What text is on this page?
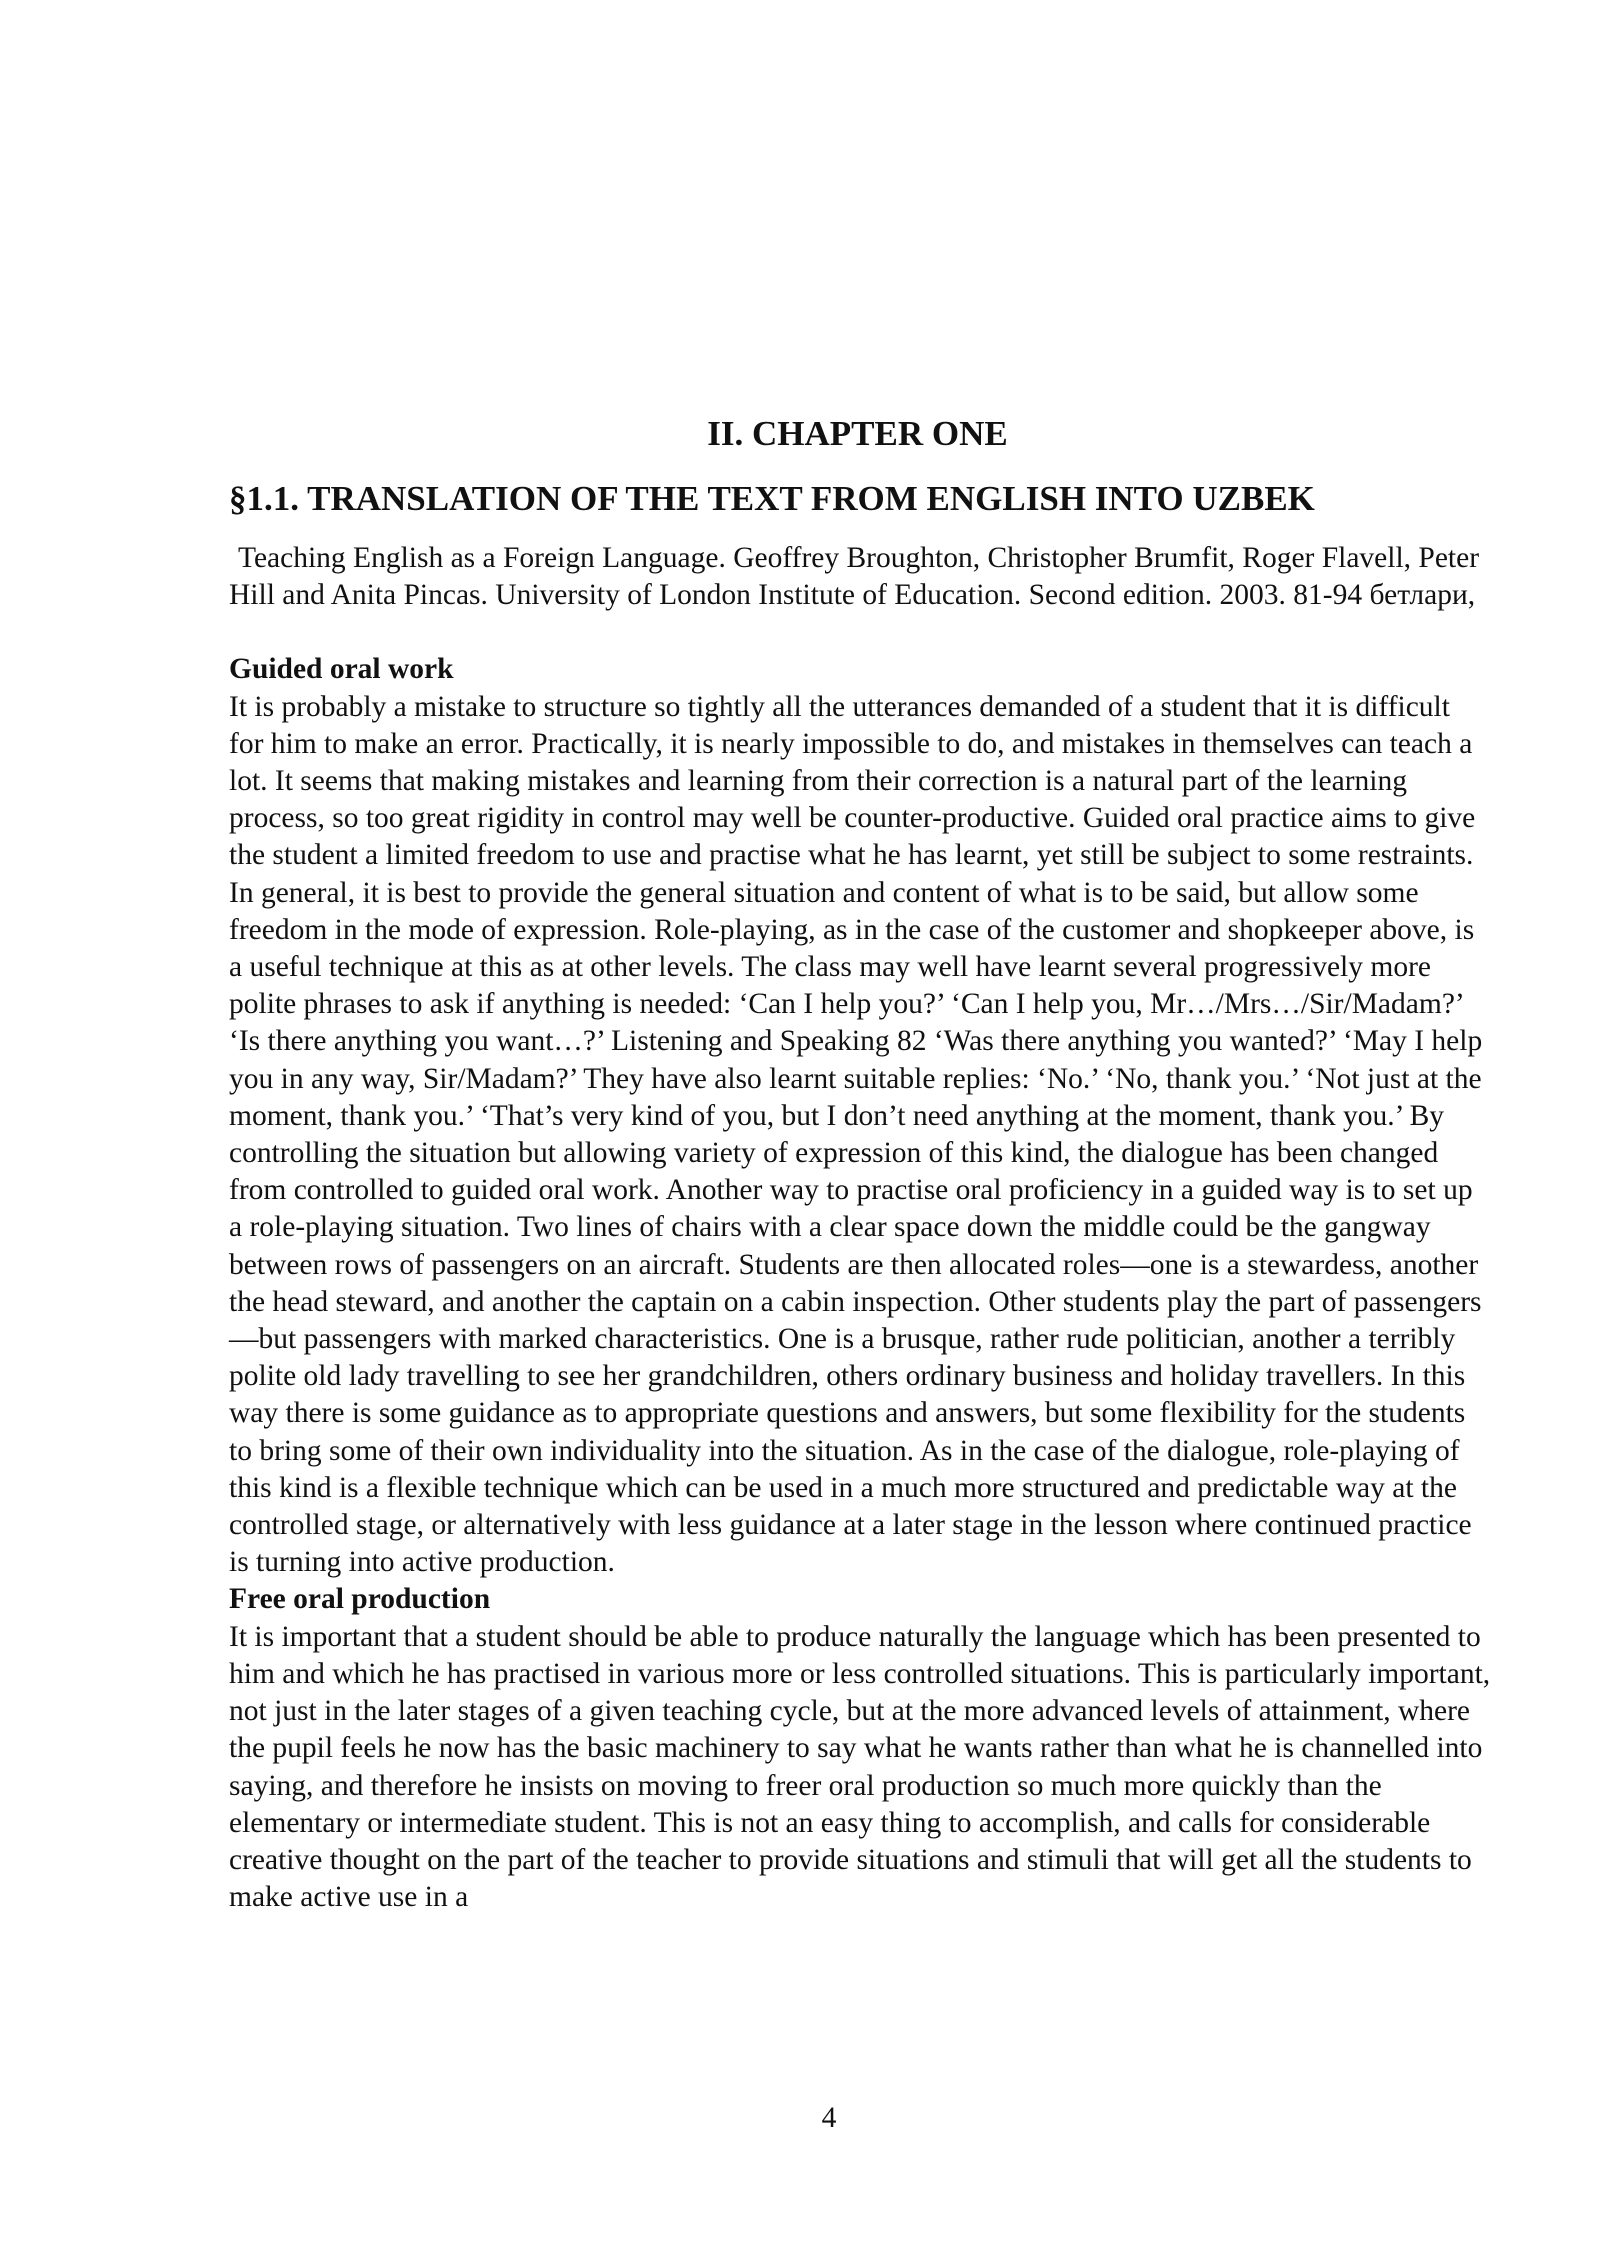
II. CHAPTER ONE
§1.1. TRANSLATION OF THE TEXT FROM ENGLISH INTO UZBEK

Teaching English as a Foreign Language. Geoffrey Broughton, Christopher Brumfit, Roger Flavell, Peter Hill and Anita Pincas. University of London Institute of Education. Second edition. 2003. 81-94 бетлари,

Guided oral work

It is probably a mistake to structure so tightly all the utterances demanded of a student that it is difficult for him to make an error. Practically, it is nearly impossible to do, and mistakes in themselves can teach a lot. It seems that making mistakes and learning from their correction is a natural part of the learning process, so too great rigidity in control may well be counter-productive. Guided oral practice aims to give the student a limited freedom to use and practise what he has learnt, yet still be subject to some restraints. In general, it is best to provide the general situation and content of what is to be said, but allow some freedom in the mode of expression. Role-playing, as in the case of the customer and shopkeeper above, is a useful technique at this as at other levels. The class may well have learnt several progressively more polite phrases to ask if anything is needed: ‘Can I help you?’ ‘Can I help you, Mr…/Mrs…/Sir/Madam?’ ‘Is there anything you want…?’ Listening and Speaking 82 ‘Was there anything you wanted?’ ‘May I help you in any way, Sir/Madam?’ They have also learnt suitable replies: ‘No.’ ‘No, thank you.’ ‘Not just at the moment, thank you.’ ‘That’s very kind of you, but I don’t need anything at the moment, thank you.’ By controlling the situation but allowing variety of expression of this kind, the dialogue has been changed from controlled to guided oral work. Another way to practise oral proficiency in a guided way is to set up a role-playing situation. Two lines of chairs with a clear space down the middle could be the gangway between rows of passengers on an aircraft. Students are then allocated roles—one is a stewardess, another the head steward, and another the captain on a cabin inspection. Other students play the part of passengers—but passengers with marked characteristics. One is a brusque, rather rude politician, another a terribly polite old lady travelling to see her grandchildren, others ordinary business and holiday travellers. In this way there is some guidance as to appropriate questions and answers, but some flexibility for the students to bring some of their own individuality into the situation. As in the case of the dialogue, role-playing of this kind is a flexible technique which can be used in a much more structured and predictable way at the controlled stage, or alternatively with less guidance at a later stage in the lesson where continued practice is turning into active production.

Free oral production

It is important that a student should be able to produce naturally the language which has been presented to him and which he has practised in various more or less controlled situations. This is particularly important, not just in the later stages of a given teaching cycle, but at the more advanced levels of attainment, where the pupil feels he now has the basic machinery to say what he wants rather than what he is channelled into saying, and therefore he insists on moving to freer oral production so much more quickly than the elementary or intermediate student. This is not an easy thing to accomplish, and calls for considerable creative thought on the part of the teacher to provide situations and stimuli that will get all the students to make active use in a

4
